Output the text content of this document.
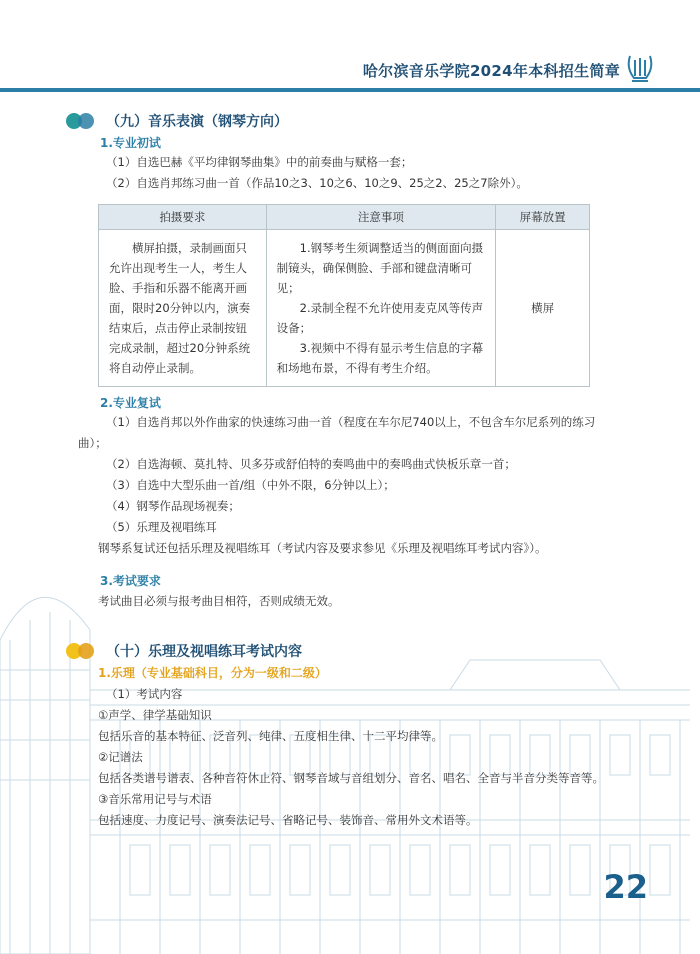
哈尔滨音乐学院2024年本科招生简章
（九）音乐表演（钢琴方向）
1.专业初试
（1）自选巴赫《平均律钢琴曲集》中的前奏曲与赋格一套；
（2）自选肖邦练习曲一首（作品10之3、10之6、10之9、25之2、25之7除外）。
拍摄要求	注意事项	屏幕放置

横屏拍摄，录制画面只允许出现考生一人，考生人脸、手指和乐器不能离开画面，限时20分钟以内，演奏结束后，点击停止录制按钮完成录制，超过20分钟系统将自动停止录制。	1.钢琴考生须调整适当的侧面面向摄制镜头，确保侧脸、手部和键盘清晰可见；
2.录制全程不允许使用麦克风等传声设备；
3.视频中不得有显示考生信息的字幕和场地布景，不得有考生介绍。	横屏
2.专业复试
（1）自选肖邦以外作曲家的快速练习曲一首（程度在车尔尼740以上，不包含车尔尼系列的练习
曲）；
（2）自选海顿、莫扎特、贝多芬或舒伯特的奏鸣曲中的奏鸣曲式快板乐章一首；
（3）自选中大型乐曲一首/组（中外不限，6分钟以上）；
（4）钢琴作品现场视奏；
（5）乐理及视唱练耳
钢琴系复试还包括乐理及视唱练耳（考试内容及要求参见《乐理及视唱练耳考试内容》）。
3.考试要求
考试曲目必须与报考曲目相符，否则成绩无效。
（十）乐理及视唱练耳考试内容
1.乐理（专业基础科目，分为一级和二级）
（1）考试内容
①声学、律学基础知识
包括乐音的基本特征、泛音列、纯律、五度相生律、十二平均律等。
②记谱法
包括各类谱号谱表、各种音符休止符、钢琴音域与音组划分、音名、唱名、全音与半音分类等音等。
③音乐常用记号与术语
包括速度、力度记号、演奏法记号、省略记号、装饰音、常用外文术语等。
22
